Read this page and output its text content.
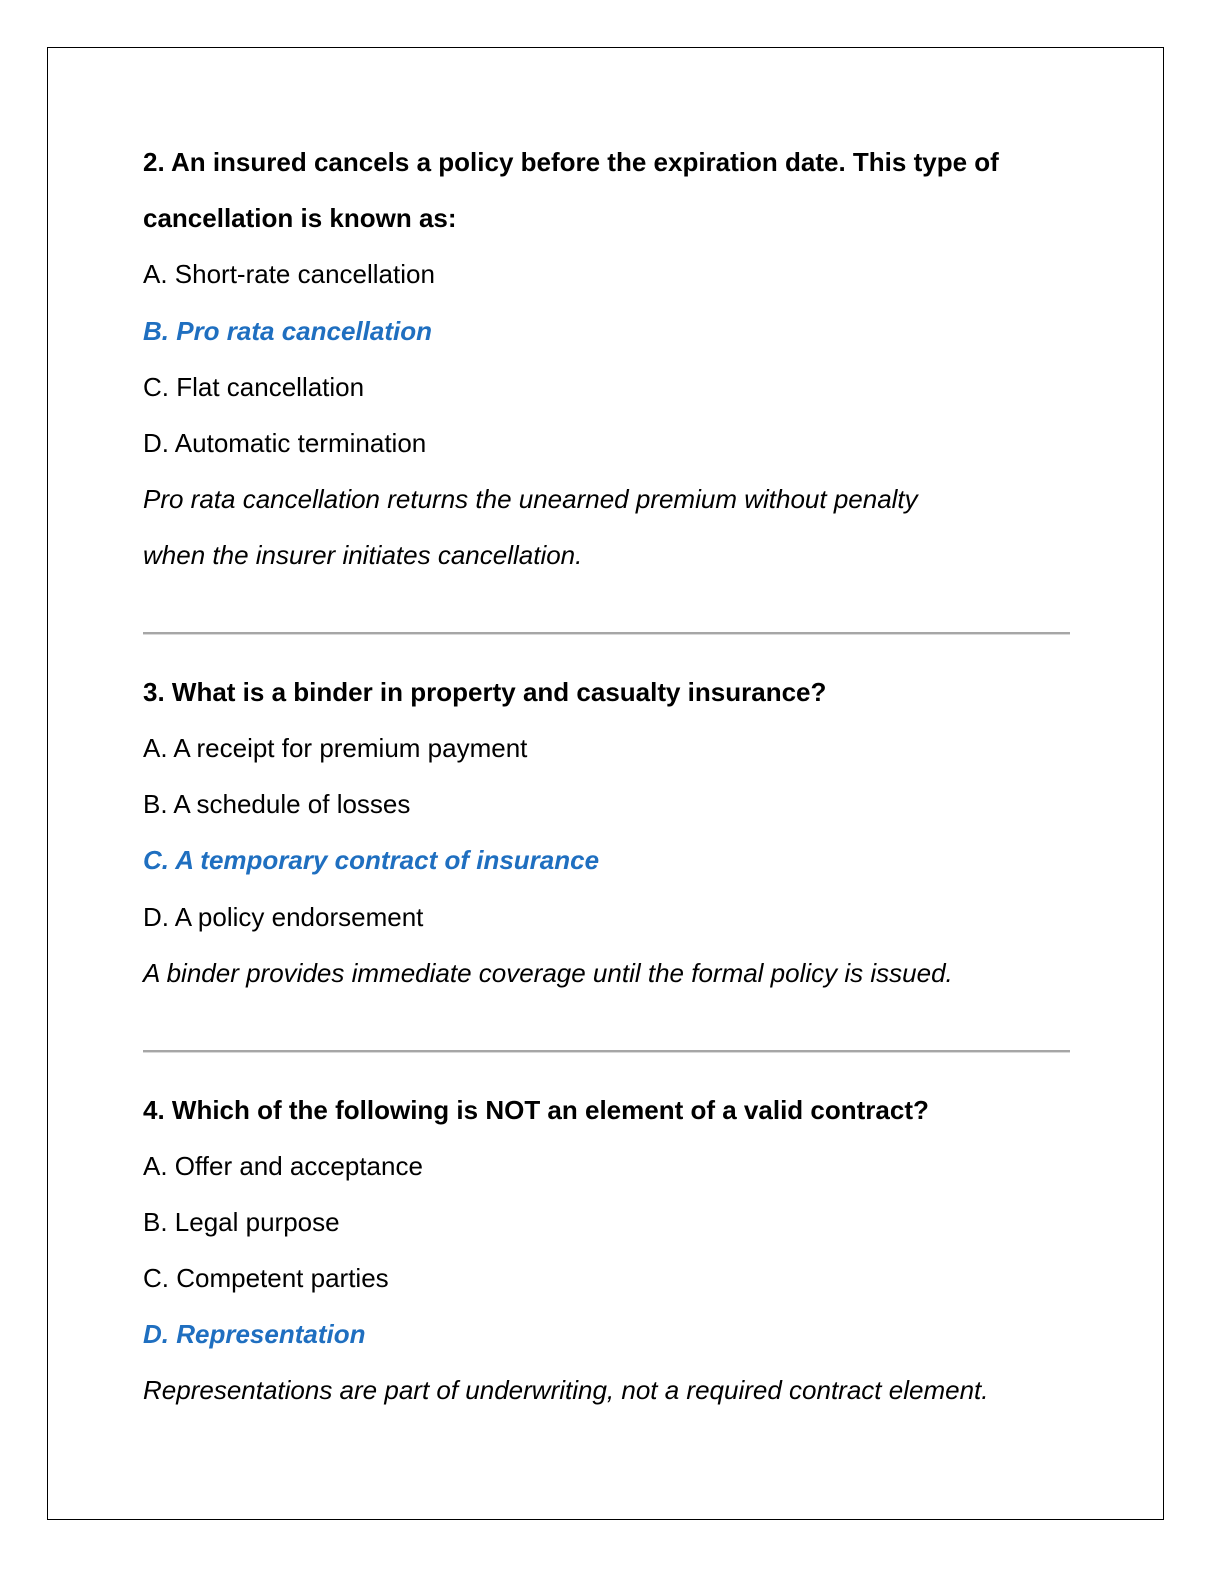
2. An insured cancels a policy before the expiration date. This type of
cancellation is known as:
A. Short-rate cancellation
B. Pro rata cancellation
C. Flat cancellation
D. Automatic termination
Pro rata cancellation returns the unearned premium without penalty
when the insurer initiates cancellation.
3. What is a binder in property and casualty insurance?
A. A receipt for premium payment
B. A schedule of losses
C. A temporary contract of insurance
D. A policy endorsement
A binder provides immediate coverage until the formal policy is issued.
4. Which of the following is NOT an element of a valid contract?
A. Offer and acceptance
B. Legal purpose
C. Competent parties
D. Representation
Representations are part of underwriting, not a required contract element.
